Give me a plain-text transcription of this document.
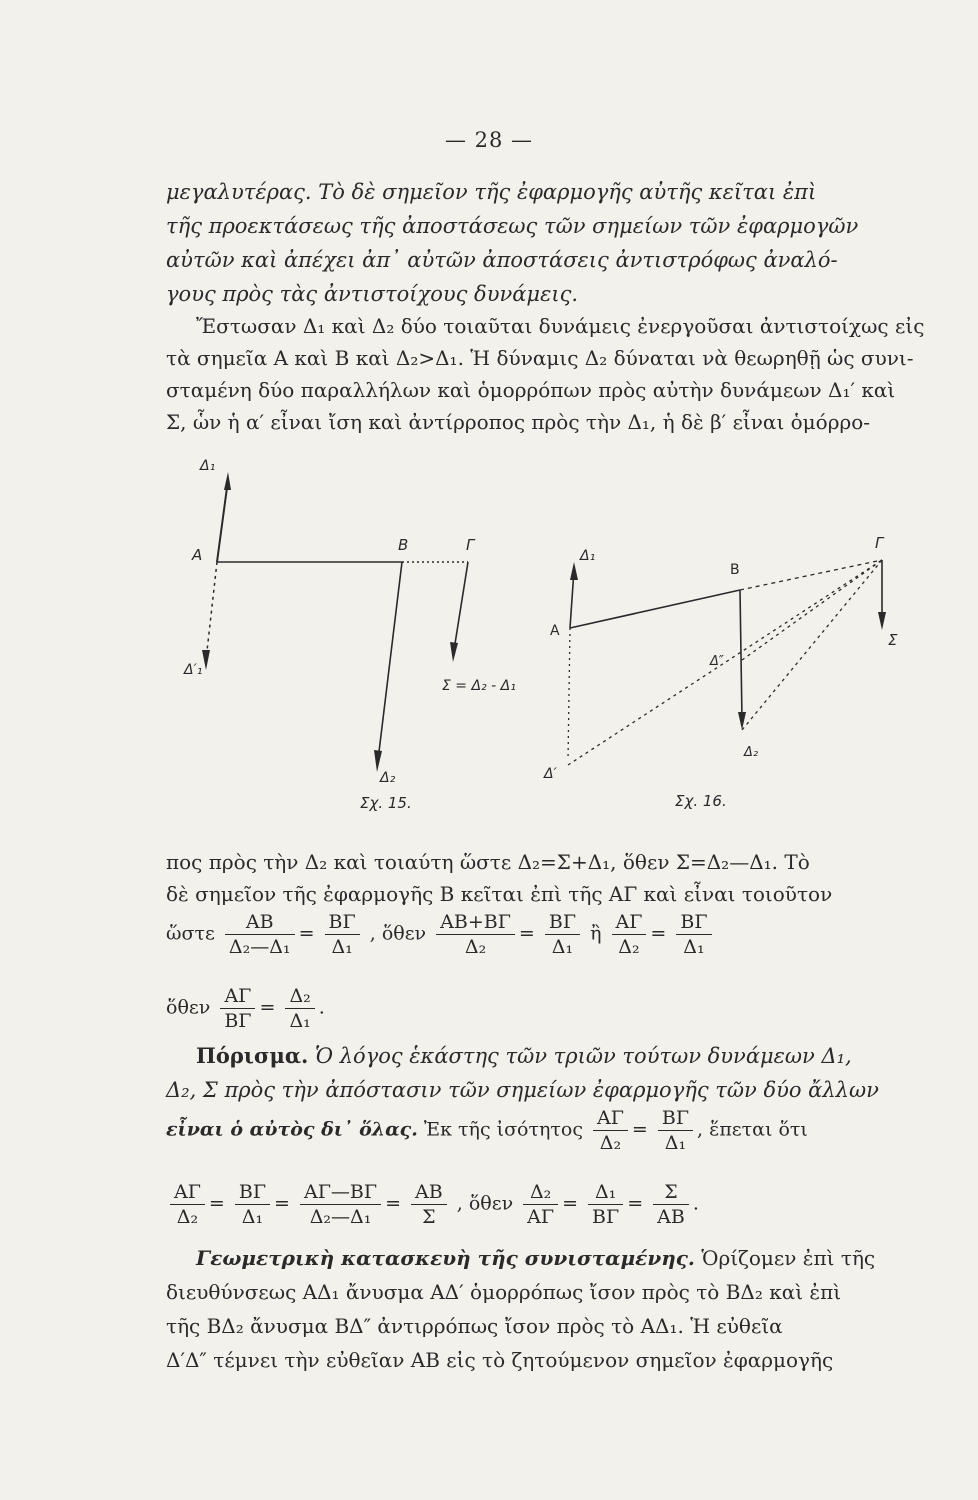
— 28 —
μεγαλυτέρας. Τὸ δὲ σημεῖον τῆς ἐφαρμογῆς αὐτῆς κεῖται ἐπὶ
τῆς προεκτάσεως τῆς ἀποστάσεως τῶν σημείων τῶν ἐφαρμογῶν
αὐτῶν καὶ ἀπέχει ἀπ᾽ αὐτῶν ἀποστάσεις ἀντιστρόφως ἀναλό-
γους πρὸς τὰς ἀντιστοίχους δυνάμεις.
Ἔστωσαν Δ₁ καὶ Δ₂ δύο τοιαῦται δυνάμεις ἐνεργοῦσαι ἀντιστοίχως εἰς
τὰ σημεῖα Α καὶ Β καὶ Δ₂>Δ₁. Ἡ δύναμις Δ₂ δύναται νὰ θεωρηθῇ ὡς συνι-
σταμένη δύο παραλλήλων καὶ ὁμορρόπων πρὸς αὐτὴν δυνάμεων Δ₁′ καὶ
Σ, ὧν ἡ α′ εἶναι ἴση καὶ ἀντίρροπος πρὸς τὴν Δ₁, ἡ δὲ β′ εἶναι ὁμόρρο-
Δ₁
Α
Β	Γ
Δ′₁
Σ = Δ₂ - Δ₁
Δ₂
Σχ. 15.
Δ₁
Γ
Β
Α
Δ″
Σ
Δ₂
Δ′
Σχ. 16.
πος πρὸς τὴν Δ₂ καὶ τοιαύτη ὥστε Δ₂=Σ+Δ₁, ὅθεν Σ=Δ₂—Δ₁. Τὸ
δὲ σημεῖον τῆς ἐφαρμογῆς Β κεῖται ἐπὶ τῆς ΑΓ καὶ εἶναι τοιοῦτον
ὥστε $\frac{AB}{\text{Δ₂—Δ₁}} = \frac{B\Gamma}{\text{Δ₁}}$ , ὅθεν $\frac{AB+B\Gamma}{\text{Δ₂}} = \frac{B\Gamma}{\text{Δ₁}}$ ἢ $\frac{A\Gamma}{\text{Δ₂}} = \frac{B\Gamma}{\text{Δ₁}}$
ὅθεν $\frac{A\Gamma}{B\Gamma} = \frac{\text{Δ₂}}{\text{Δ₁}}$ .
Πόρισμα. Ὁ λόγος ἑκάστης τῶν τριῶν τούτων δυνάμεων Δ₁,
Δ₂, Σ πρὸς τὴν ἀπόστασιν τῶν σημείων ἐφαρμογῆς τῶν δύο ἄλλων
εἶναι ὁ αὐτὸς δι᾽ ὅλας. Ἐκ τῆς ἰσότητος $\frac{A\Gamma}{\text{Δ₂}} = \frac{B\Gamma}{\text{Δ₁}}$ , ἕπεται ὅτι
$\frac{A\Gamma}{\text{Δ₂}} = \frac{B\Gamma}{\text{Δ₁}} = \frac{A\Gamma—B\Gamma}{\text{Δ₂—Δ₁}} = \frac{AB}{\Sigma}$ , ὅθεν $\frac{\text{Δ₂}}{A\Gamma} = \frac{\text{Δ₁}}{B\Gamma} = \frac{\Sigma}{AB}$ .
Γεωμετρικὴ κατασκευὴ τῆς συνισταμένης. Ὁρίζομεν ἐπὶ τῆς
διευθύνσεως ΑΔ₁ ἄνυσμα ΑΔ′ ὁμορρόπως ἴσον πρὸς τὸ ΒΔ₂ καὶ ἐπὶ
τῆς ΒΔ₂ ἄνυσμα ΒΔ″ ἀντιρρόπως ἴσον πρὸς τὸ ΑΔ₁. Ἡ εὐθεῖα
Δ′Δ″ τέμνει τὴν εὐθεῖαν ΑΒ εἰς τὸ ζητούμενον σημεῖον ἐφαρμογῆς
